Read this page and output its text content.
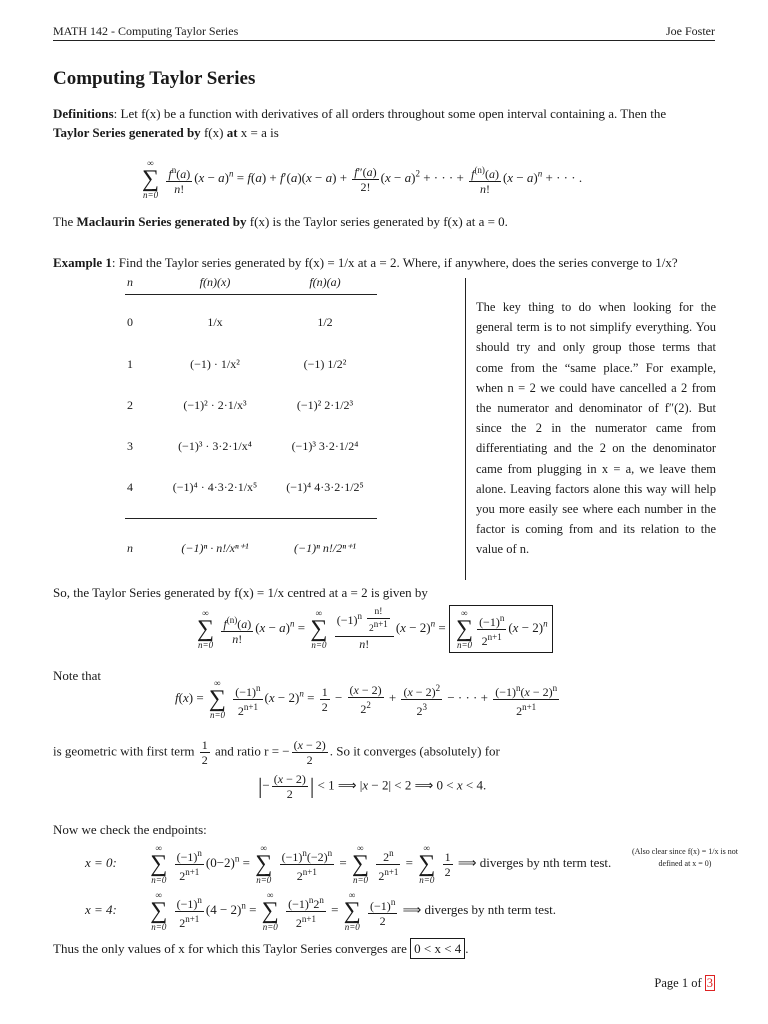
MATH 142 - Computing Taylor Series	Joe Foster
Computing Taylor Series
Definitions: Let f(x) be a function with derivatives of all orders throughout some open interval containing a. Then the
Taylor Series generated by f(x) at x = a is
∞
∑
n=0
$\frac{f^n(a)}{n!} (x - a)^n = f(a) + f'(a)(x - a) + \frac{f''(a)}{2!} (x - a)^2$ + · · · + $\frac{f^{(n)}(a)}{n!} (x - a)^n$ + · · · .
The Maclaurin Series generated by f(x) is the Taylor series generated by f(x) at a = 0.
Example 1: Find the Taylor series generated by f(x) = 1/x at a = 2. Where, if anywhere, does the series converge to 1/x?
n	f(n)(x)	f(n)(a)
0	1/x	1/2
1	(−1) · 1/x²	(−1) 1/2²
2	(−1)² · 2·1/x³	(−1)² 2·1/2³
3	(−1)³ · 3·2·1/x⁴	(−1)³ 3·2·1/2⁴
4	(−1)⁴ · 4·3·2·1/x⁵	(−1)⁴ 4·3·2·1/2⁵
n	(−1)ⁿ · n!/xⁿ⁺¹	(−1)ⁿ n!/2ⁿ⁺¹
The key thing to do when looking for the general term is to not simplify everything. You should try and only group those terms that come from the “same place.” For example, when n = 2 we could have cancelled a 2 from the numerator and denominator of f″(2). But since the 2 in the numerator came from differentiating and the 2 on the denominator came from plugging in x = a, we leave them alone. Leaving factors alone this way will help you more easily see where each number in the factor is coming from and its relation to the value of n.
So, the Taylor Series generated by f(x) = 1/x centred at a = 2 is given by
∞
∑
n=0
$\frac{f^{(n)}(a)}{n!} (x - a)^n$ =
∞
∑
n=0
$\frac{(-1)^n \frac{n!}{2^{n+1}}}{n!} (x - 2)^n$ =
∞
∑
$n=0 \frac{(-1)^n}{2^{n+1}} (x - 2)^n$
Note that
f(x) =
∞
∑
n=0
$\frac{(-1)^n}{2^{n+1}} (x - 2)^n = \frac{1}{2} - \frac{(x - 2)}{2^2} + \frac{(x - 2)^2}{2^3}$ − · · · + $\frac{(-1)^n(x - 2)^n}{2^{n+1}}$
is geometric with first term $\frac{1}{2}$ and ratio r = − $\frac{(x - 2)}{2}$ . So it converges (absolutely) for
|− $\frac{(x - 2)}{2}$ | < 1 ⟹ |x − 2| < 2 ⟹ 0 < x < 4.
Now we check the endpoints:
x = 0:
∞
∑
n=0
$\frac{(-1)^n}{2^{n+1}} (0-2)^n$ =
∞
∑
n=0
$\frac{(-1)^n(-2)^n}{2^{n+1}}$ =
∞
∑
n=0
$\frac{2^n}{2^{n+1}}$ =
∞
∑
n=0

$\frac{1}{2}$ ⟹ diverges by nth term test.
(Also clear since f(x) = 1/x is not defined at x = 0)
x = 4:
∞
∑
n=0
$\frac{(-1)^n}{2^{n+1}} (4 - 2)^n$ =
∞
∑
n=0
$\frac{(-1)^n2^n}{2^{n+1}}$ =
∞
∑
n=0
$\frac{(-1)^n}{2}$ ⟹ diverges by nth term test.
Thus the only values of x for which this Taylor Series converges are 0 < x < 4 .
Page 1 of 3
